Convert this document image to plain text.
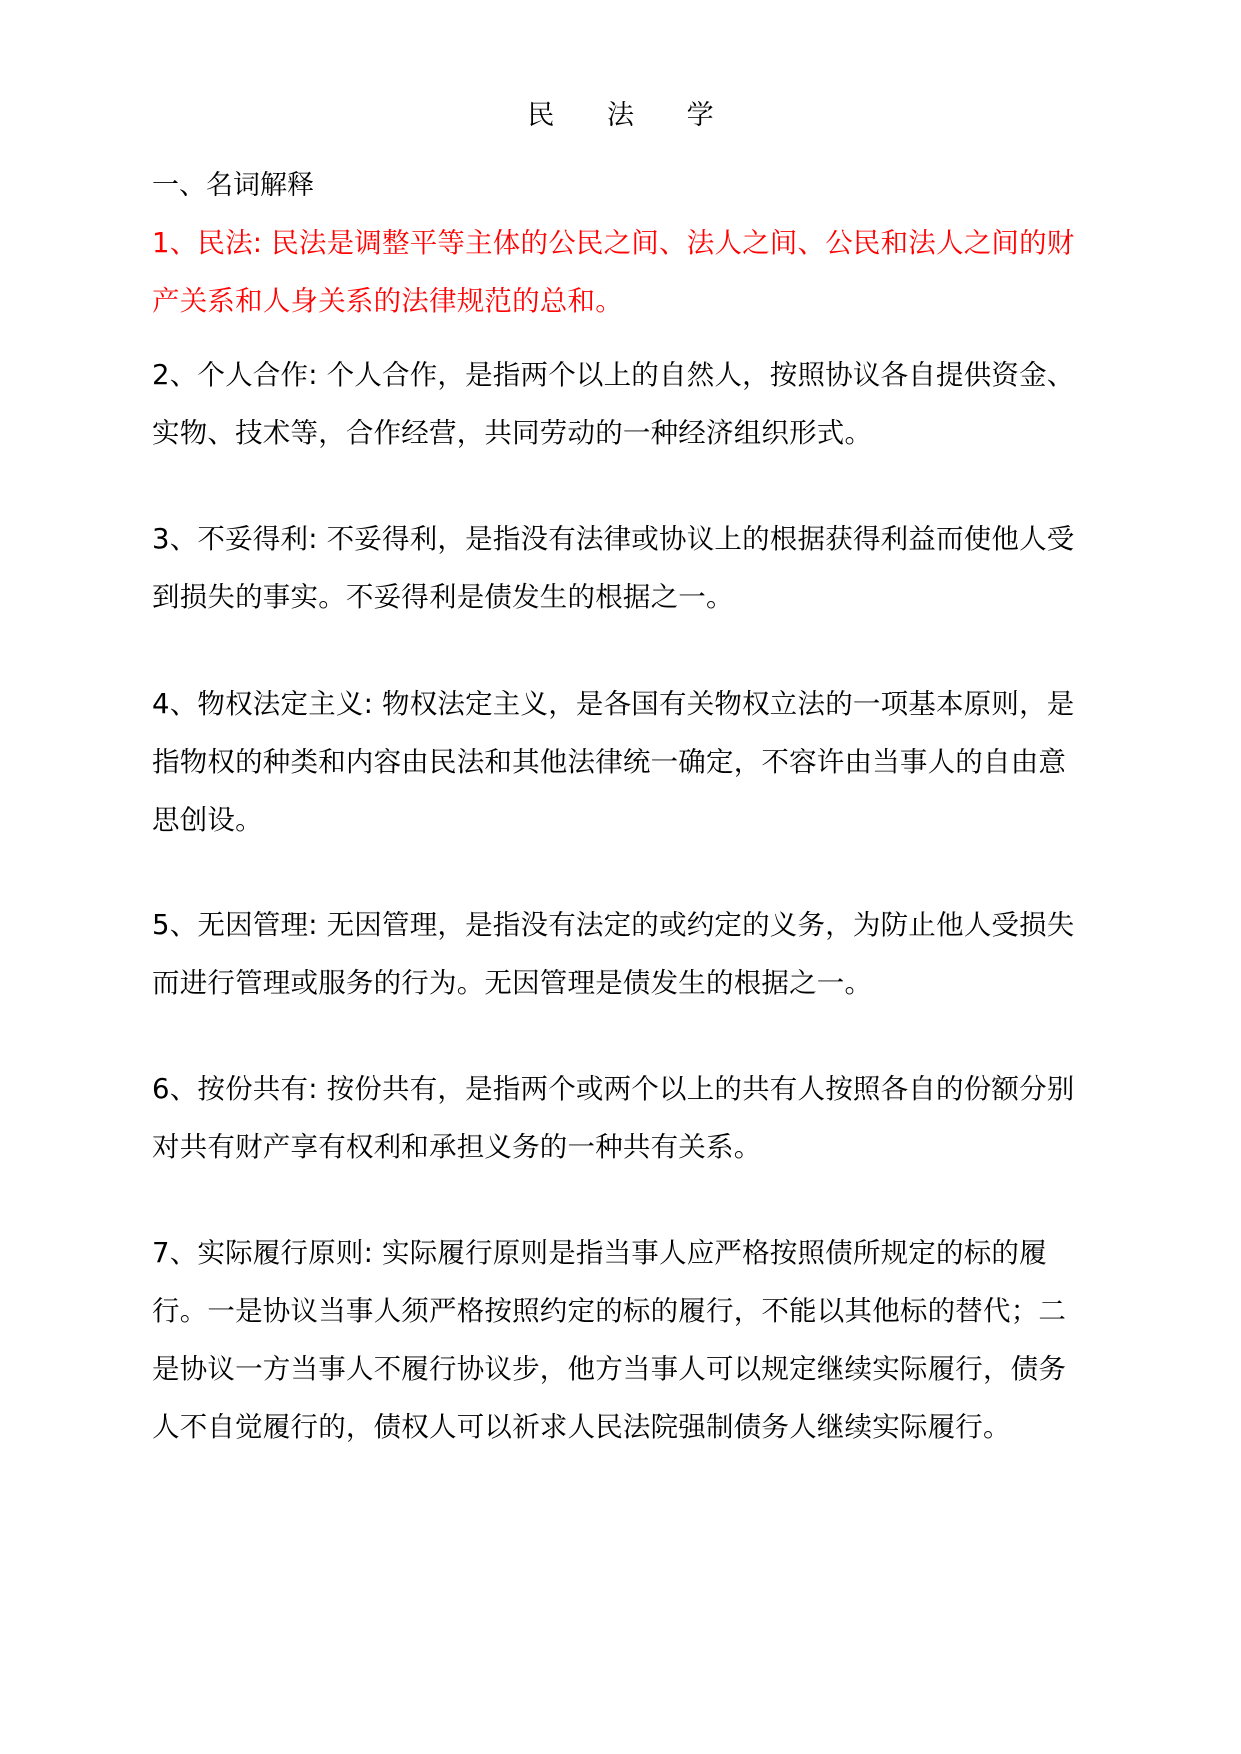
民 法 学
一、名词解释

1、民法: 民法是调整平等主体的公民之间、法人之间、公民和法人之间的财产关系和人身关系的法律规范的总和。

2、个人合作: 个人合作，是指两个以上的自然人，按照协议各自提供资金、实物、技术等，合作经营，共同劳动的一种经济组织形式。

3、不妥得利: 不妥得利，是指没有法律或协议上的根据获得利益而使他人受到损失的事实。不妥得利是债发生的根据之一。

4、物权法定主义: 物权法定主义，是各国有关物权立法的一项基本原则，是指物权的种类和内容由民法和其他法律统一确定，不容许由当事人的自由意思创设。

5、无因管理: 无因管理，是指没有法定的或约定的义务，为防止他人受损失而进行管理或服务的行为。无因管理是债发生的根据之一。

6、按份共有: 按份共有，是指两个或两个以上的共有人按照各自的份额分别对共有财产享有权利和承担义务的一种共有关系。

7、实际履行原则: 实际履行原则是指当事人应严格按照债所规定的标的履行。一是协议当事人须严格按照约定的标的履行，不能以其他标的替代；二是协议一方当事人不履行协议步，他方当事人可以规定继续实际履行，债务人不自觉履行的，债权人可以祈求人民法院强制债务人继续实际履行。
